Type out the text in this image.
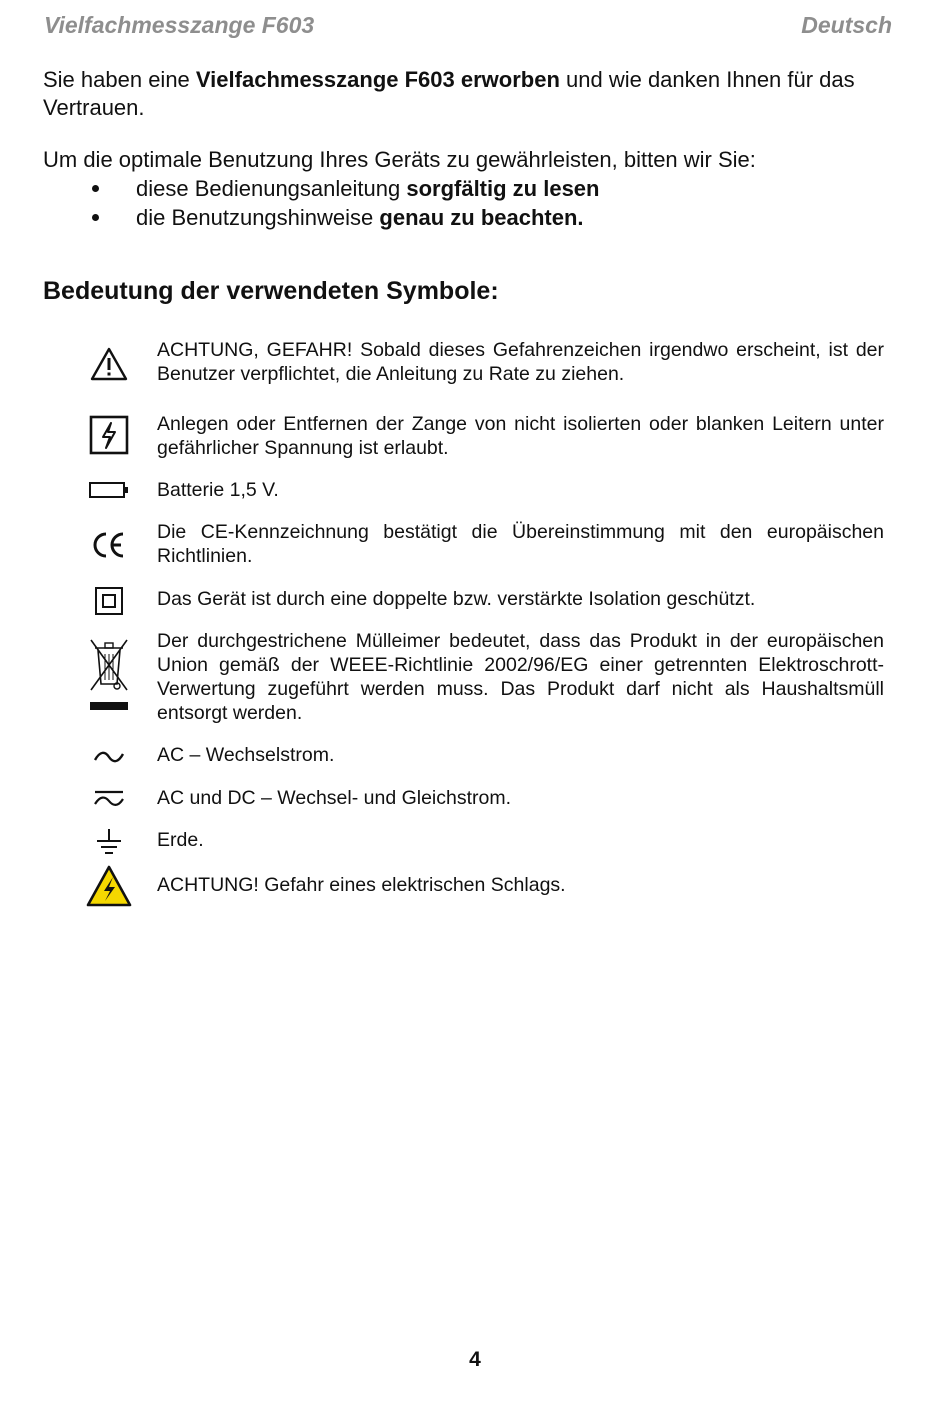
Vielfachmesszange F603	Deutsch

Sie haben eine Vielfachmesszange F603 erworben und wie danken Ihnen für das Vertrauen.

Um die optimale Benutzung Ihres Geräts zu gewährleisten, bitten wir Sie:

diese Bedienungsanleitung sorgfältig zu lesen
die Benutzungshinweise genau zu beachten.
Bedeutung der verwendeten Symbole:
ACHTUNG, GEFAHR! Sobald dieses Gefahrenzeichen irgendwo erscheint, ist der Benutzer verpflichtet, die Anleitung zu Rate zu ziehen.
Anlegen oder Entfernen der Zange von nicht isolierten oder blanken Leitern unter gefährlicher Spannung ist erlaubt.
Batterie 1,5 V.
Die CE-Kennzeichnung bestätigt die Übereinstimmung mit den europäischen Richtlinien.
Das Gerät ist durch eine doppelte bzw. verstärkte Isolation geschützt.
Der durchgestrichene Mülleimer bedeutet, dass das Produkt in der europäischen Union gemäß der WEEE-Richtlinie 2002/96/EG einer getrennten Elektroschrott-Verwertung zugeführt werden muss. Das Produkt darf nicht als Haushaltsmüll entsorgt werden.
AC – Wechselstrom.
AC und DC – Wechsel- und Gleichstrom.
Erde.
ACHTUNG! Gefahr eines elektrischen Schlags.
4
